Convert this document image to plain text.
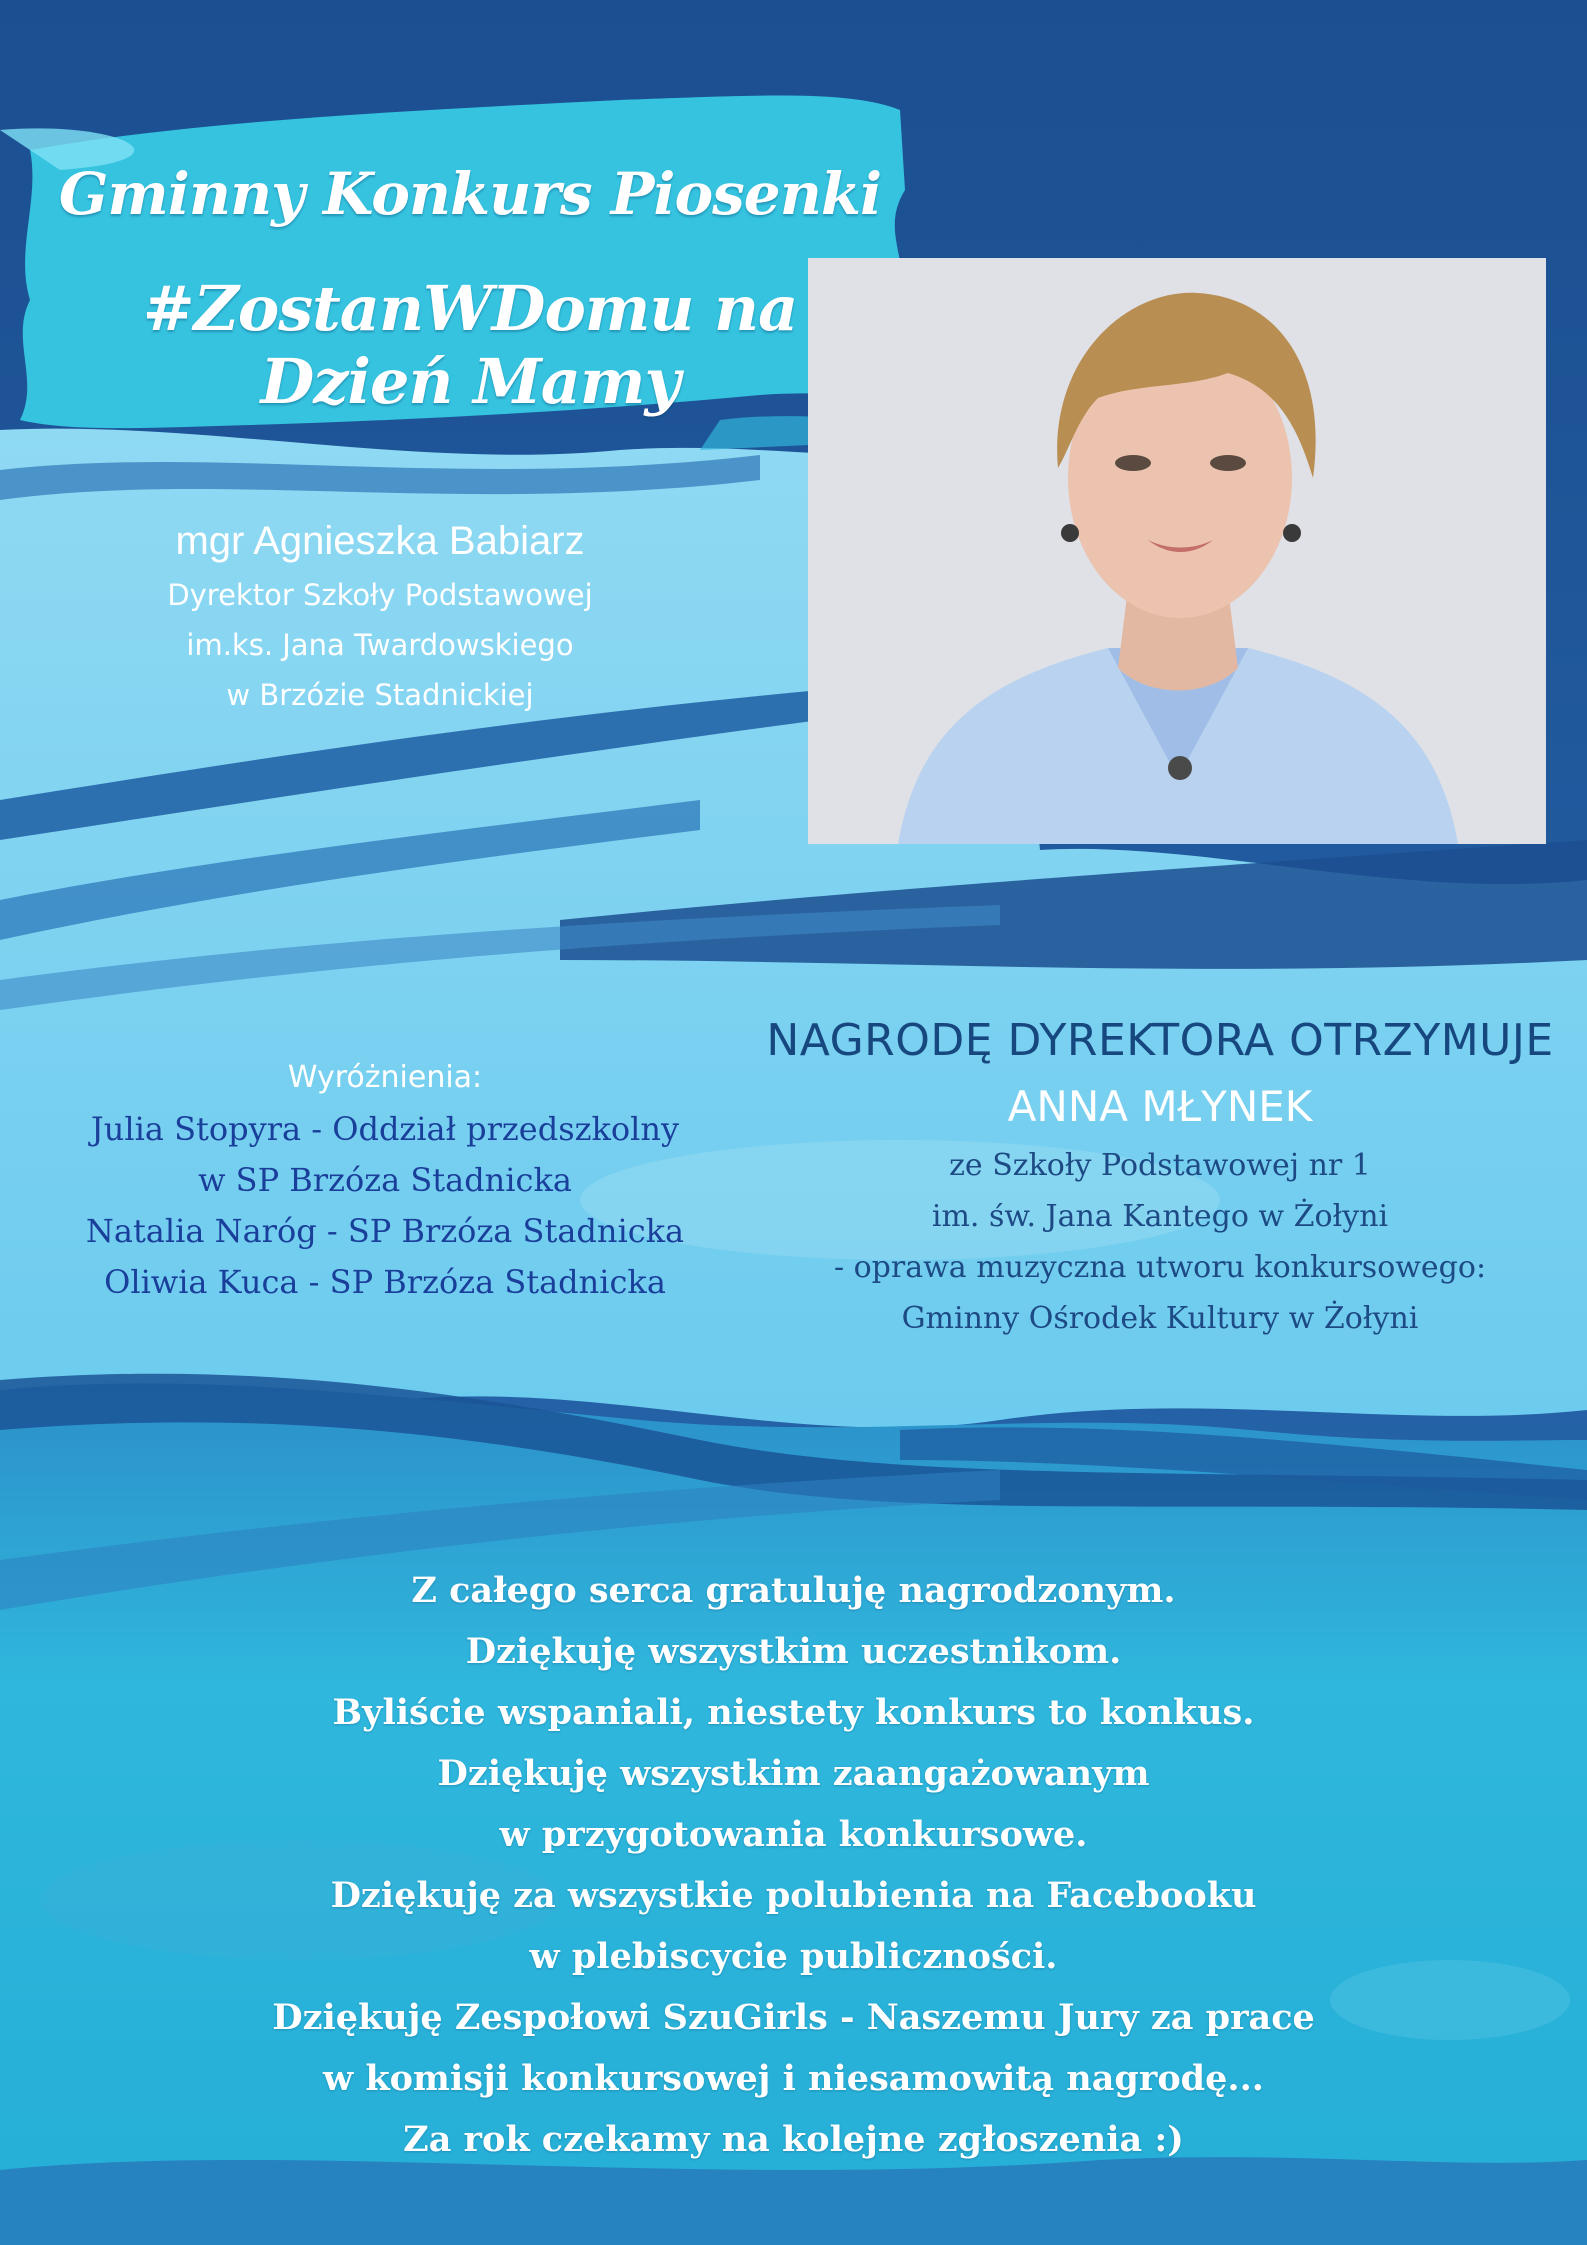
Gminny Konkurs Piosenki
#ZostanWDomu na Dzień Mamy
mgr Agnieszka Babiarz
Dyrektor Szkoły Podstawowej
im.ks. Jana Twardowskiego
w Brzózie Stadnickiej
Wyróżnienia:
Julia Stopyra - Oddział przedszkolny
w SP Brzóza Stadnicka
Natalia Naróg - SP Brzóza Stadnicka
Oliwia Kuca - SP Brzóza Stadnicka
NAGRODĘ DYREKTORA OTRZYMUJE
ANNA MŁYNEK
ze Szkoły Podstawowej nr 1
im. św. Jana Kantego w Żołyni
- oprawa muzyczna utworu konkursowego:
Gminny Ośrodek Kultury w Żołyni
Z całego serca gratuluję nagrodzonym.
Dziękuję wszystkim uczestnikom.
Byliście wspaniali, niestety konkurs to konkus.
Dziękuję wszystkim zaangażowanym
w przygotowania konkursowe.
Dziękuję za wszystkie polubienia na Facebooku
w plebiscycie publiczności.
Dziękuję Zespołowi SzuGirls - Naszemu Jury za prace
w komisji konkursowej i niesamowitą nagrodę...
Za rok czekamy na kolejne zgłoszenia :)
